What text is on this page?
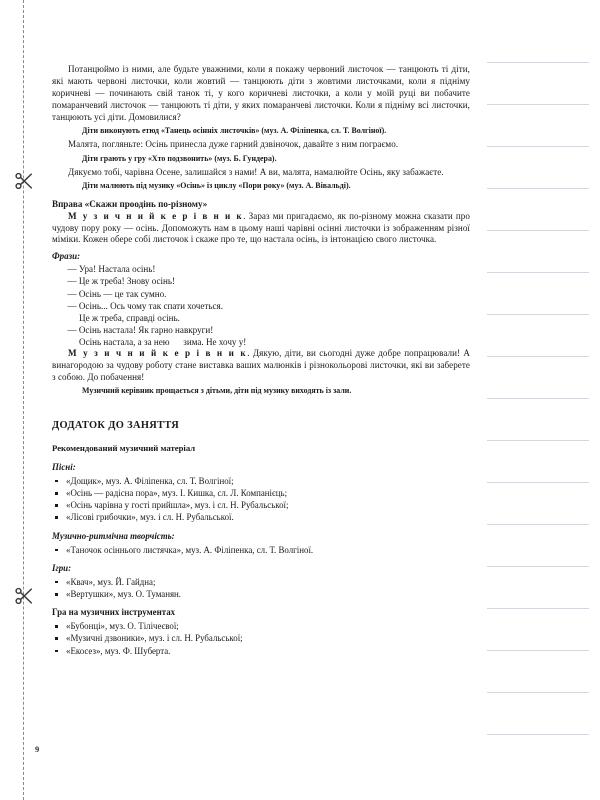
Потанцюймо із ними, але будьте уважними, коли я покажу червоний листочок — танцюють ті діти, які мають червоні листочки, коли жовтий — танцюють діти з жовтими листочками, коли я підніму коричневі — починають свій танок ті, у кого коричневі листочки, а коли у моїй руці ви побачите помаранчевий листочок — танцюють ті діти, у яких помаранчеві листочки. Коли я підніму всі листочки, танцюють усі діти. Домовилися?

Діти виконують етюд «Танець осінніх листочків» (муз. А. Філіпенка, сл. Т. Волгіної).

Малята, погляньте: Осінь принесла дуже гарний дзвіночок, давайте з ним пограємо.

Діти грають у гру «Хто подзвонить» (муз. Б. Гундера).

Дякуємо тобі, чарівна Осене, залишайся з нами! А ви, малята, намалюйте Осінь, яку забажаєте.

Діти малюють під музику «Осінь» із циклу «Пори року» (муз. А. Вівальді).

Вправа «Скажи проодінь по-різному»

М у з и ч н и й к е р і в н и к. Зараз ми пригадаємо, як по-різному можна сказати про чудову пору року — осінь. Допоможуть нам в цьому наші чарівні осінні листочки із зображенням різної міміки. Кожен обере собі листочок і скаже про те, що настала осінь, із інтонацією свого листочка.

Фрази:

— Ура! Настала осінь!
— Це ж треба! Знову осінь!
— Осінь — це так сумно.
— Осінь... Ось чому так спати хочеться.
Це ж треба, справді осінь.
— Осінь настала! Як гарно навкруги!
Осінь настала, а за нею      зима. Не хочу у!

М у з и ч н и й к е р і в н и к. Дякую, діти, ви сьогодні дуже добре попрацювали! А винагородою за чудову роботу стане виставка ваших малюнків і різнокольорові листочки, які ви заберете з собою. До побачення!

Музичний керівник прощається з дітьми, діти під музику виходять із зали.

ДОДАТОК ДО ЗАНЯТТЯ

Рекомендований музичний матеріал

Пісні:
«Дощик», муз. А. Філіпенка, сл. Т. Волгіної;
«Осінь — радісна пора», муз. І. Кишка, сл. Л. Компанієць;
«Осінь чарівна у гості прийшла», муз. і сл. Н. Рубальської;
«Лісові грибочки», муз. і сл. Н. Рубальської.
Музично-ритмічна творчість:
«Таночок осіннього листячка», муз. А. Філіпенка, сл. Т. Волгіної.
Ігри:
«Квач», муз. Й. Гайдна;
«Вертушки», муз. О. Туманян.
Гра на музичних інструментах
«Бубонці», муз. О. Тілічеєвої;
«Музичні дзвоники», муз. і сл. Н. Рубальської;
«Екосез», муз. Ф. Шуберта.
9
